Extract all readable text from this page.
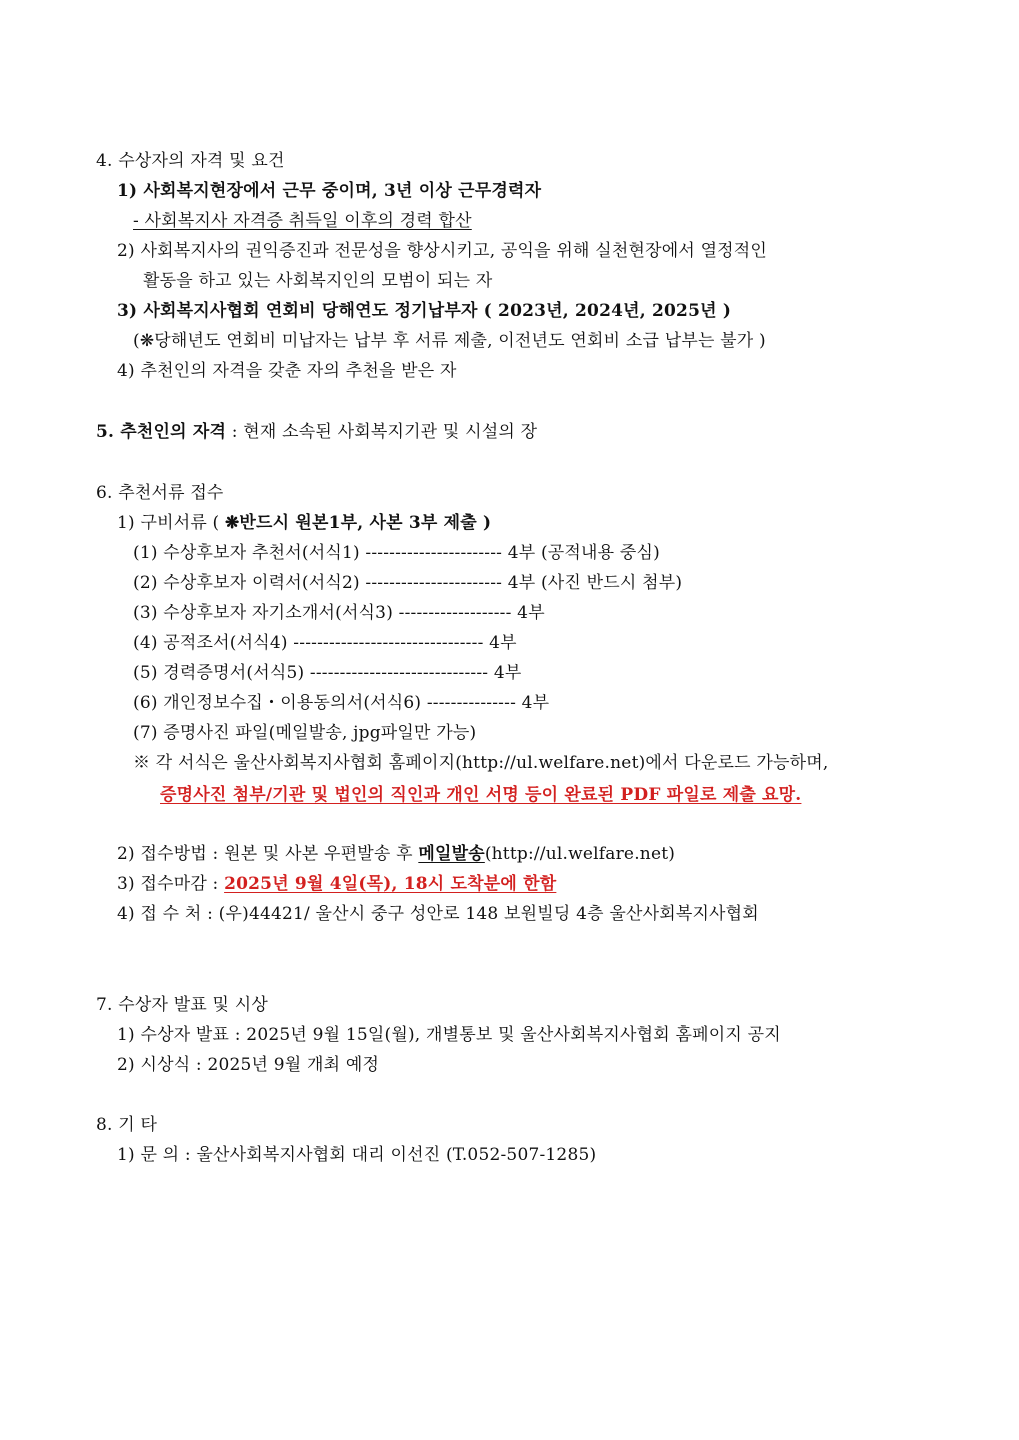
4. 수상자의 자격 및 요건
1) 사회복지현장에서 근무 중이며, 3년 이상 근무경력자
- 사회복지사 자격증 취득일 이후의 경력 합산
2) 사회복지사의 권익증진과 전문성을 향상시키고, 공익을 위해 실천현장에서 열정적인
활동을 하고 있는 사회복지인의 모범이 되는 자
3) 사회복지사협회 연회비 당해연도 정기납부자 ( 2023년, 2024년, 2025년 )
(❋당해년도 연회비 미납자는 납부 후 서류 제출, 이전년도 연회비 소급 납부는 불가 )
4) 추천인의 자격을 갖춘 자의 추천을 받은 자
5. 추천인의 자격 : 현재 소속된 사회복지기관 및 시설의 장
6. 추천서류 접수
1) 구비서류 ( ❋반드시 원본1부, 사본 3부 제출 )
(1) 수상후보자 추천서(서식1) ----------------------- 4부 (공적내용 중심)
(2) 수상후보자 이력서(서식2) ----------------------- 4부 (사진 반드시 첨부)
(3) 수상후보자 자기소개서(서식3) ------------------- 4부
(4) 공적조서(서식4) -------------------------------- 4부
(5) 경력증명서(서식5) ------------------------------ 4부
(6) 개인정보수집・이용동의서(서식6) --------------- 4부
(7) 증명사진 파일(메일발송, jpg파일만 가능)
※ 각 서식은 울산사회복지사협회 홈페이지(http://ul.welfare.net)에서 다운로드 가능하며,
증명사진 첨부/기관 및 법인의 직인과 개인 서명 등이 완료된 PDF 파일로 제출 요망.
2) 접수방법 : 원본 및 사본 우편발송 후 메일발송(http://ul.welfare.net)
3) 접수마감 : 2025년 9월 4일(목), 18시 도착분에 한함
4) 접 수 처 : (우)44421/ 울산시 중구 성안로 148 보원빌딩 4층 울산사회복지사협회
7. 수상자 발표 및 시상
1) 수상자 발표 : 2025년 9월 15일(월), 개별통보 및 울산사회복지사협회 홈페이지 공지
2) 시상식 : 2025년 9월 개최 예정
8. 기 타
1) 문 의 : 울산사회복지사협회 대리 이선진 (T.052-507-1285)
